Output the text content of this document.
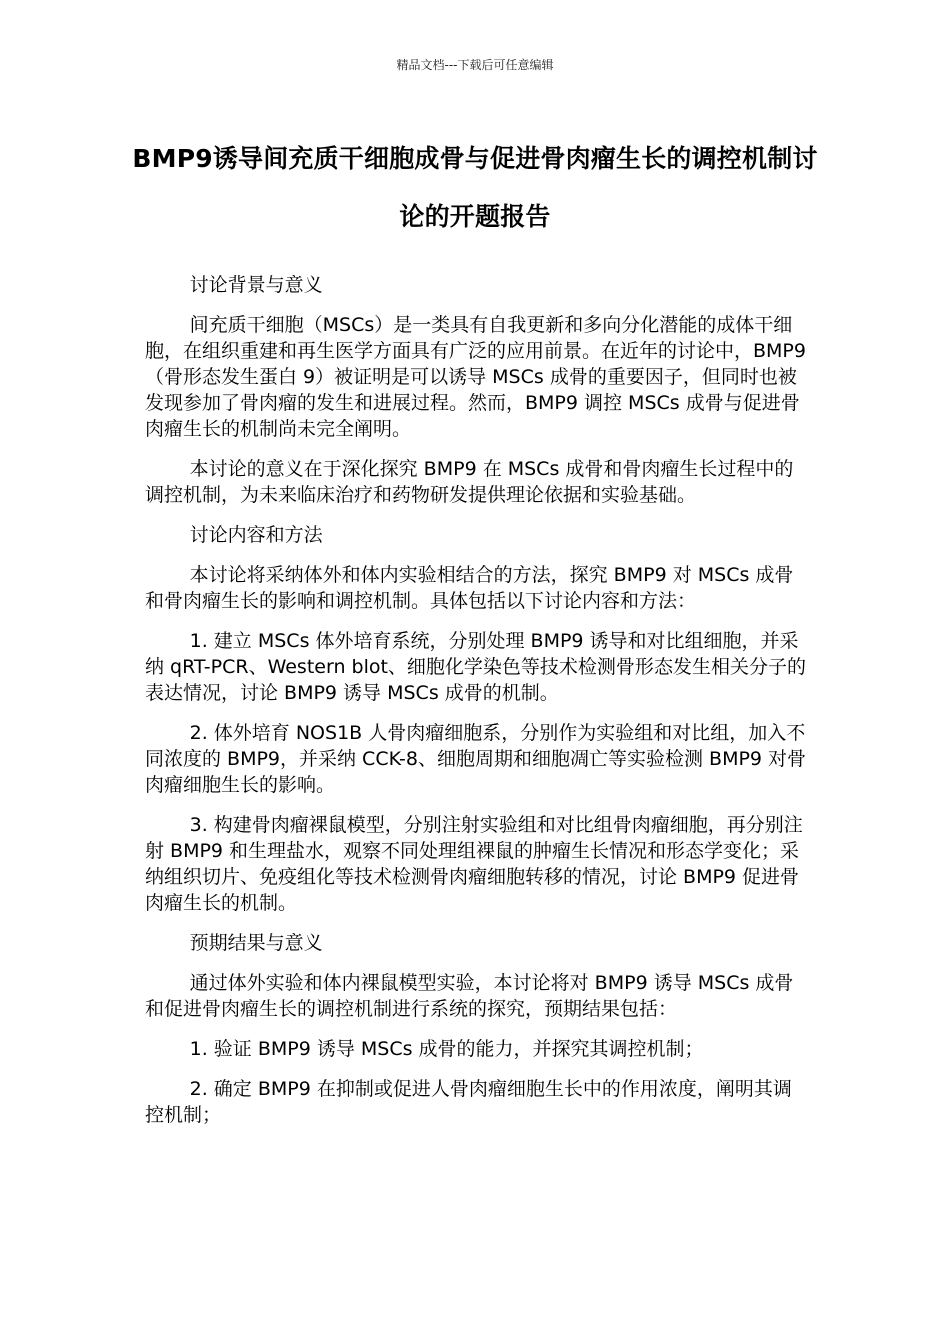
精品文档---下载后可任意编辑
BMP9诱导间充质干细胞成骨与促进骨肉瘤生长的调控机制讨论的开题报告

讨论背景与意义

间充质干细胞（MSCs）是一类具有自我更新和多向分化潜能的成体干细胞，在组织重建和再生医学方面具有广泛的应用前景。在近年的讨论中，BMP9（骨形态发生蛋白 9）被证明是可以诱导 MSCs 成骨的重要因子，但同时也被发现参加了骨肉瘤的发生和进展过程。然而，BMP9 调控 MSCs 成骨与促进骨肉瘤生长的机制尚未完全阐明。

本讨论的意义在于深化探究 BMP9 在 MSCs 成骨和骨肉瘤生长过程中的调控机制，为未来临床治疗和药物研发提供理论依据和实验基础。

讨论内容和方法

本讨论将采纳体外和体内实验相结合的方法，探究 BMP9 对 MSCs 成骨和骨肉瘤生长的影响和调控机制。具体包括以下讨论内容和方法：

1. 建立 MSCs 体外培育系统，分别处理 BMP9 诱导和对比组细胞，并采纳 qRT-PCR、Western blot、细胞化学染色等技术检测骨形态发生相关分子的表达情况，讨论 BMP9 诱导 MSCs 成骨的机制。

2. 体外培育 NOS1B 人骨肉瘤细胞系，分别作为实验组和对比组，加入不同浓度的 BMP9，并采纳 CCK-8、细胞周期和细胞凋亡等实验检测 BMP9 对骨肉瘤细胞生长的影响。

3. 构建骨肉瘤裸鼠模型，分别注射实验组和对比组骨肉瘤细胞，再分别注射 BMP9 和生理盐水，观察不同处理组裸鼠的肿瘤生长情况和形态学变化；采纳组织切片、免疫组化等技术检测骨肉瘤细胞转移的情况，讨论 BMP9 促进骨肉瘤生长的机制。

预期结果与意义

通过体外实验和体内裸鼠模型实验，本讨论将对 BMP9 诱导 MSCs 成骨和促进骨肉瘤生长的调控机制进行系统的探究，预期结果包括：

1. 验证 BMP9 诱导 MSCs 成骨的能力，并探究其调控机制；

2. 确定 BMP9 在抑制或促进人骨肉瘤细胞生长中的作用浓度，阐明其调控机制；
